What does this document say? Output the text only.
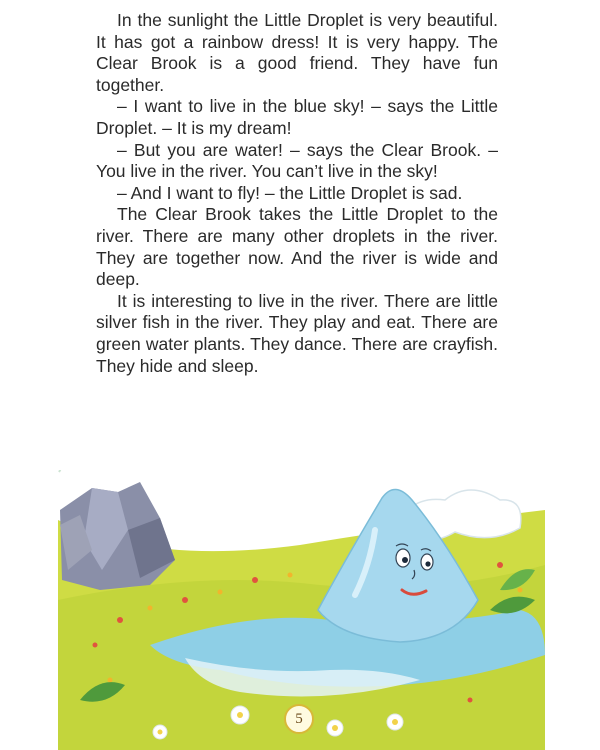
In the sunlight the Little Droplet is very beautiful. It has got a rainbow dress! It is very happy. The Clear Brook is a good friend. They have fun together.

– I want to live in the blue sky! – says the Little Droplet. – It is my dream!

– But you are water! – says the Clear Brook. – You live in the river. You can’t live in the sky!

– And I want to fly! – the Little Droplet is sad.

The Clear Brook takes the Little Droplet to the river. There are many other droplets in the river. They are together now. And the river is wide and deep.

It is interesting to live in the river. There are little silver fish in the river. They play and eat. There are green water plants. They dance. There are crayfish. They hide and sleep.

5
